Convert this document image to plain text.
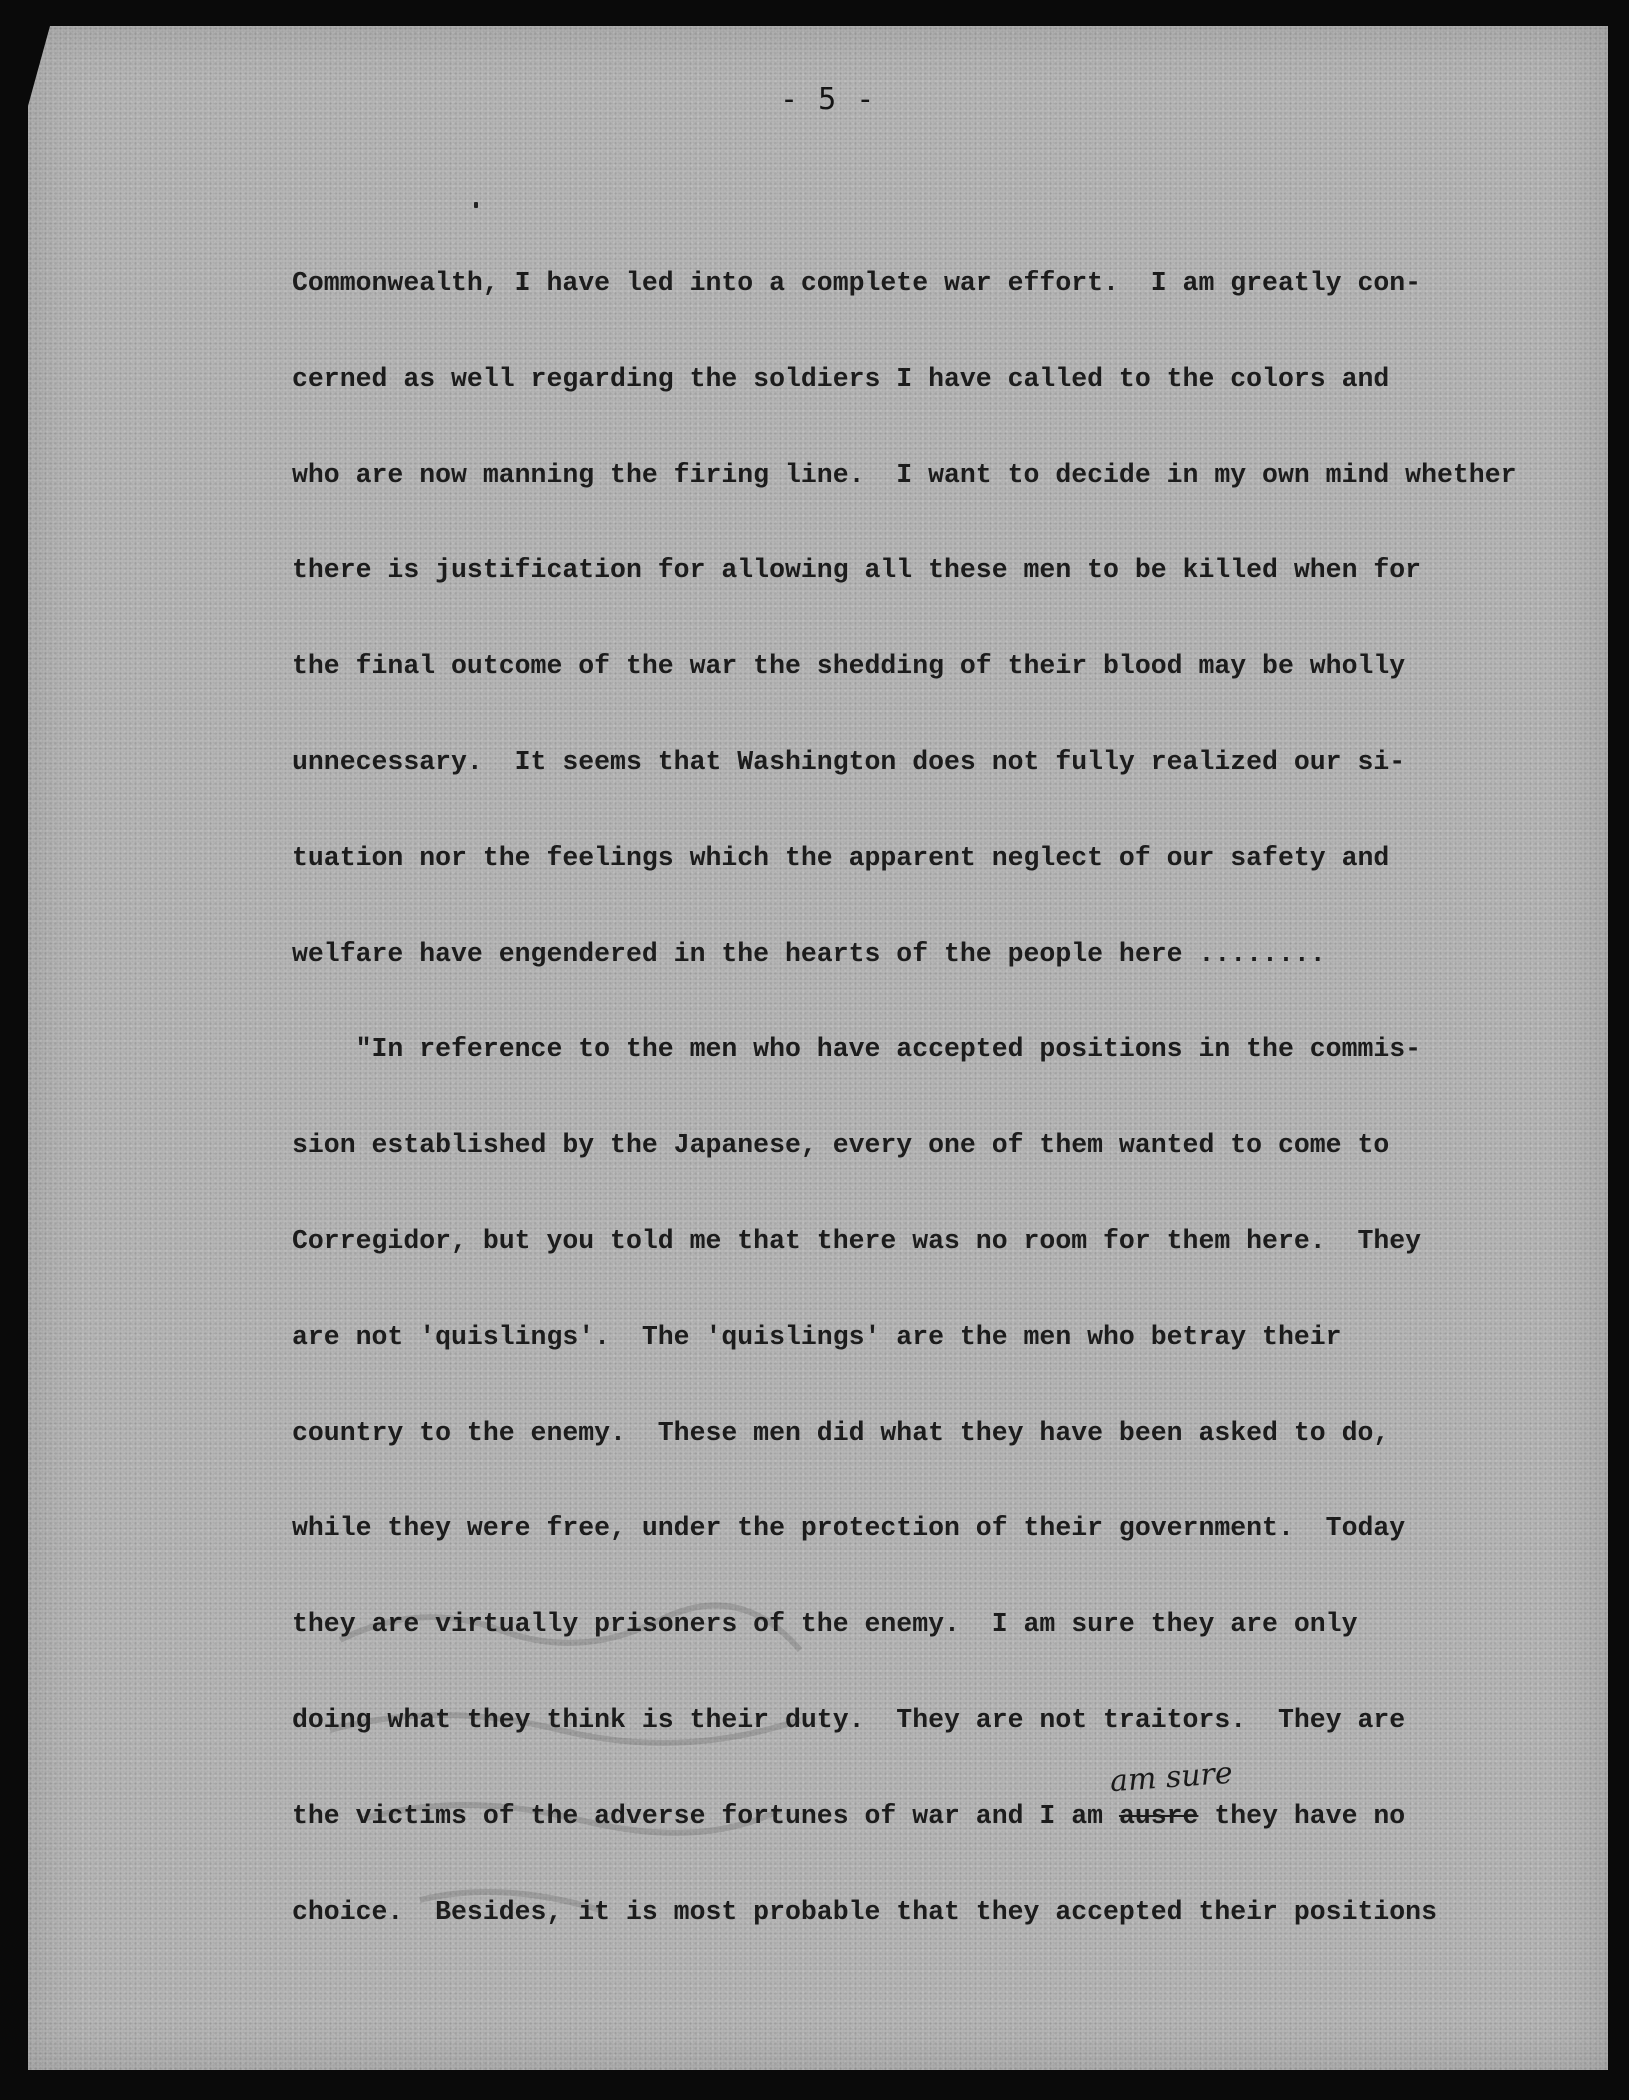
- 5 -
Commonwealth, I have led into a complete war effort.  I am greatly con-
cerned as well regarding the soldiers I have called to the colors and
who are now manning the firing line.  I want to decide in my own mind whether
there is justification for allowing all these men to be killed when for
the final outcome of the war the shedding of their blood may be wholly
unnecessary.  It seems that Washington does not fully realized our si-
tuation nor the feelings which the apparent neglect of our safety and
welfare have engendered in the hearts of the people here ........
"In reference to the men who have accepted positions in the commis-
sion established by the Japanese, every one of them wanted to come to
Corregidor, but you told me that there was no room for them here.  They
are not 'quislings'.  The 'quislings' are the men who betray their
country to the enemy.  These men did what they have been asked to do,
while they were free, under the protection of their government.  Today
they are virtually prisoners of the enemy.  I am sure they are only
doing what they think is their duty.  They are not traitors.  They are
the victims of the adverse fortunes of war and I am ausre they have no
choice.  Besides, it is most probable that they accepted their positions
am sure
